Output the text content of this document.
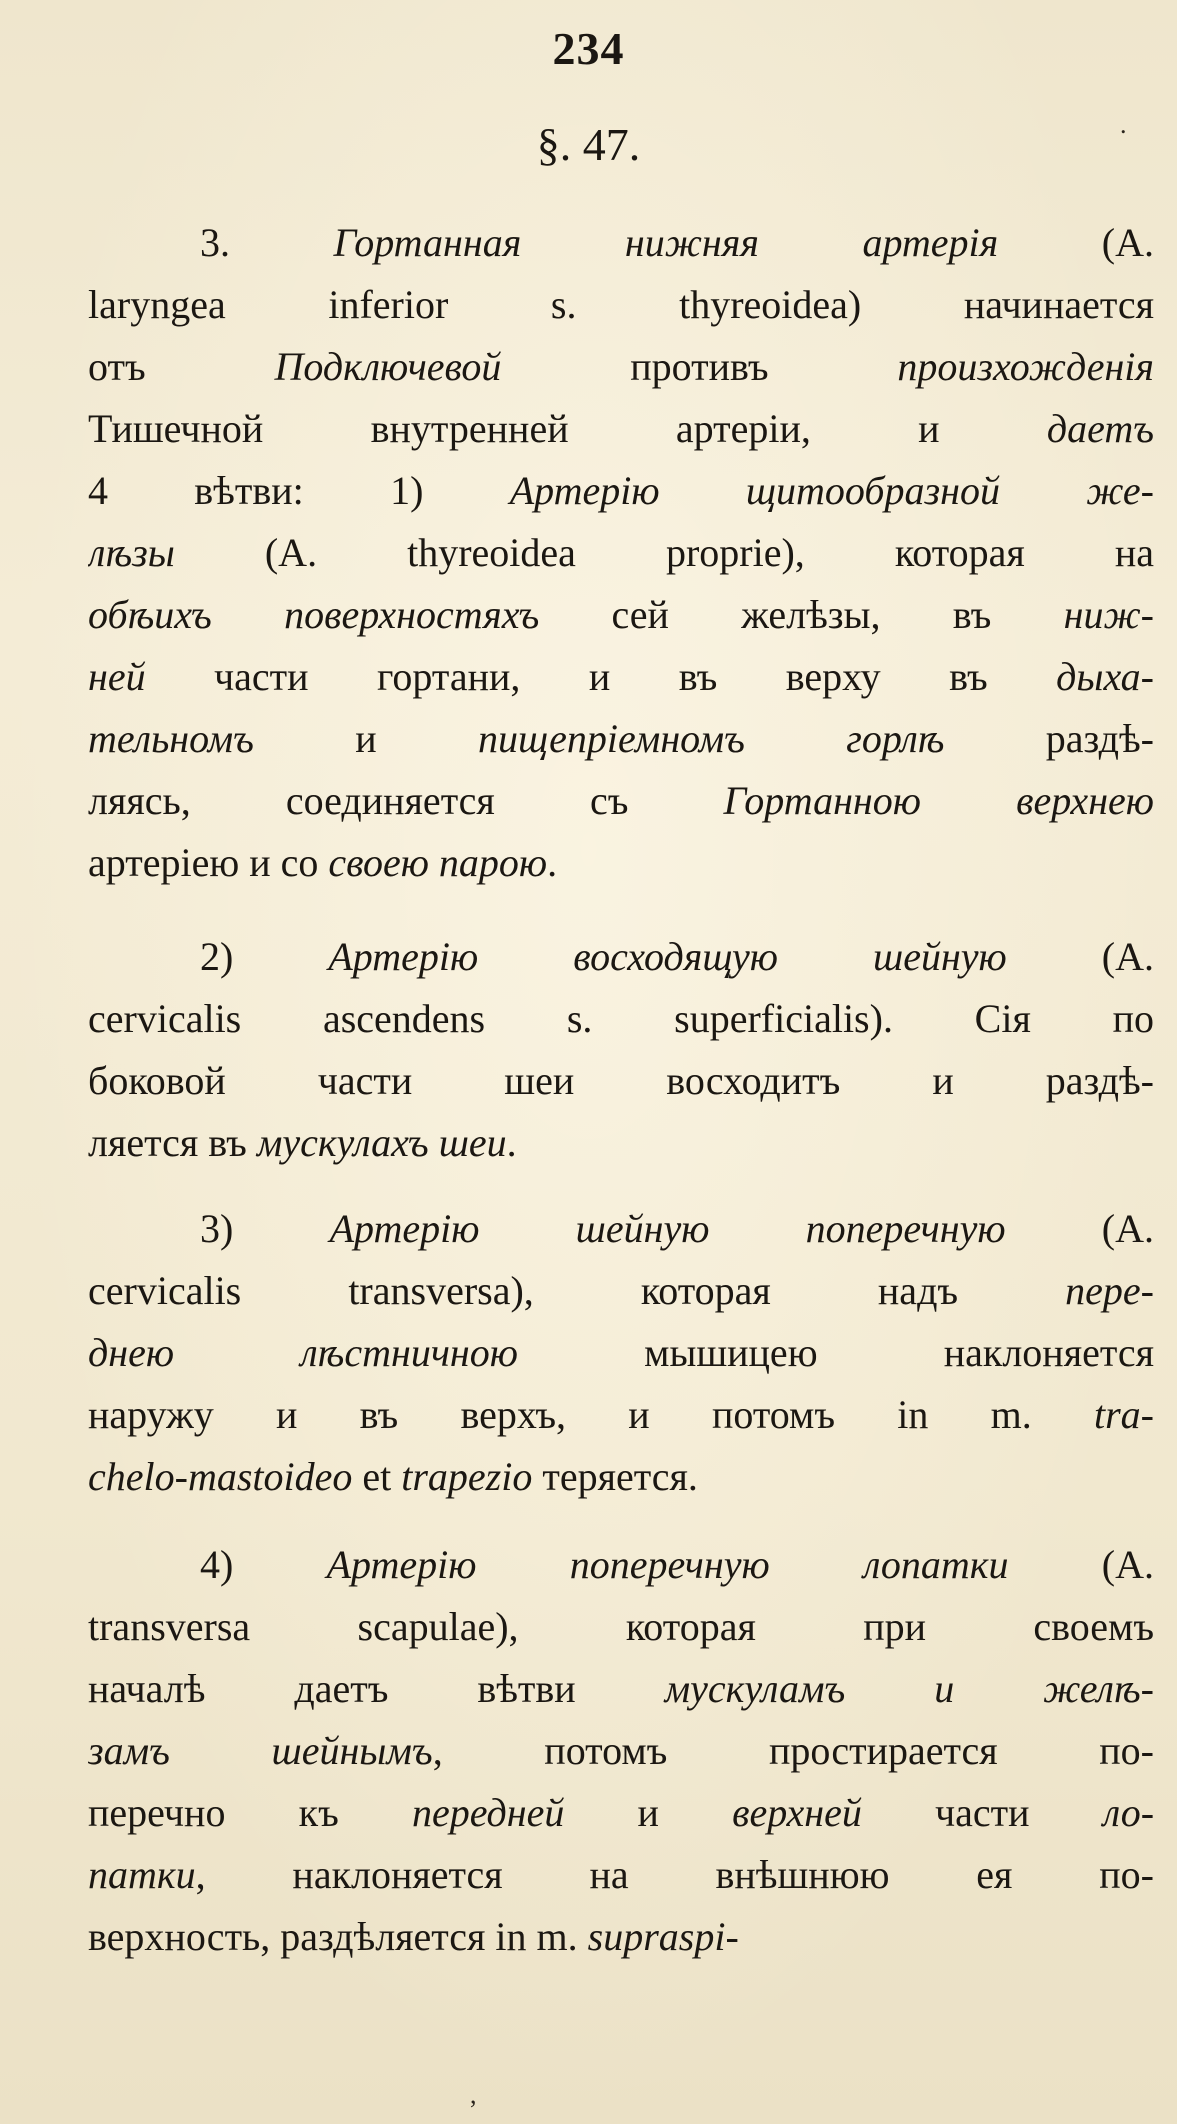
234
§. 47.
3. Гортанная нижняя артерія (A.
laryngea inferior s. thyreoidea) начинается
отъ Подключевой противъ произхожденія
Тишечной внутренней артеріи, и даетъ
4 вѣтви: 1) Артерію щитообразной же-
лѣзы (A. thyreoidea proprie), которая на
обѣихъ поверхностяхъ сей желѣзы, въ ниж-
ней части гортани, и въ верху въ дыха-
тельномъ и пищепріемномъ горлѣ раздѣ-
ляясь, соединяется съ Гортанною верхнею
артеріею и со своею парою.
2) Артерію восходящую шейную (A.
cervicalis ascendens s. superficialis). Сія по
боковой части шеи восходитъ и раздѣ-
ляется въ мускулахъ шеи.
3) Артерію шейную поперечную (A.
cervicalis transversa), которая надъ пере-
днею лѣстничною мышицею наклоняется
наружу и въ верхъ, и потомъ in m. tra-
chelo-mastoideo et trapezio теряется.
4) Артерію поперечную лопатки (A.
transversa scapulae), которая при своемъ
началѣ даетъ вѣтви мускуламъ и желѣ-
замъ шейнымъ, потомъ простирается по-
перечно къ передней и верхней части ло-
патки, наклоняется на внѣшнюю ея по-
верхность, раздѣляется in m. supraspi-
.
,
